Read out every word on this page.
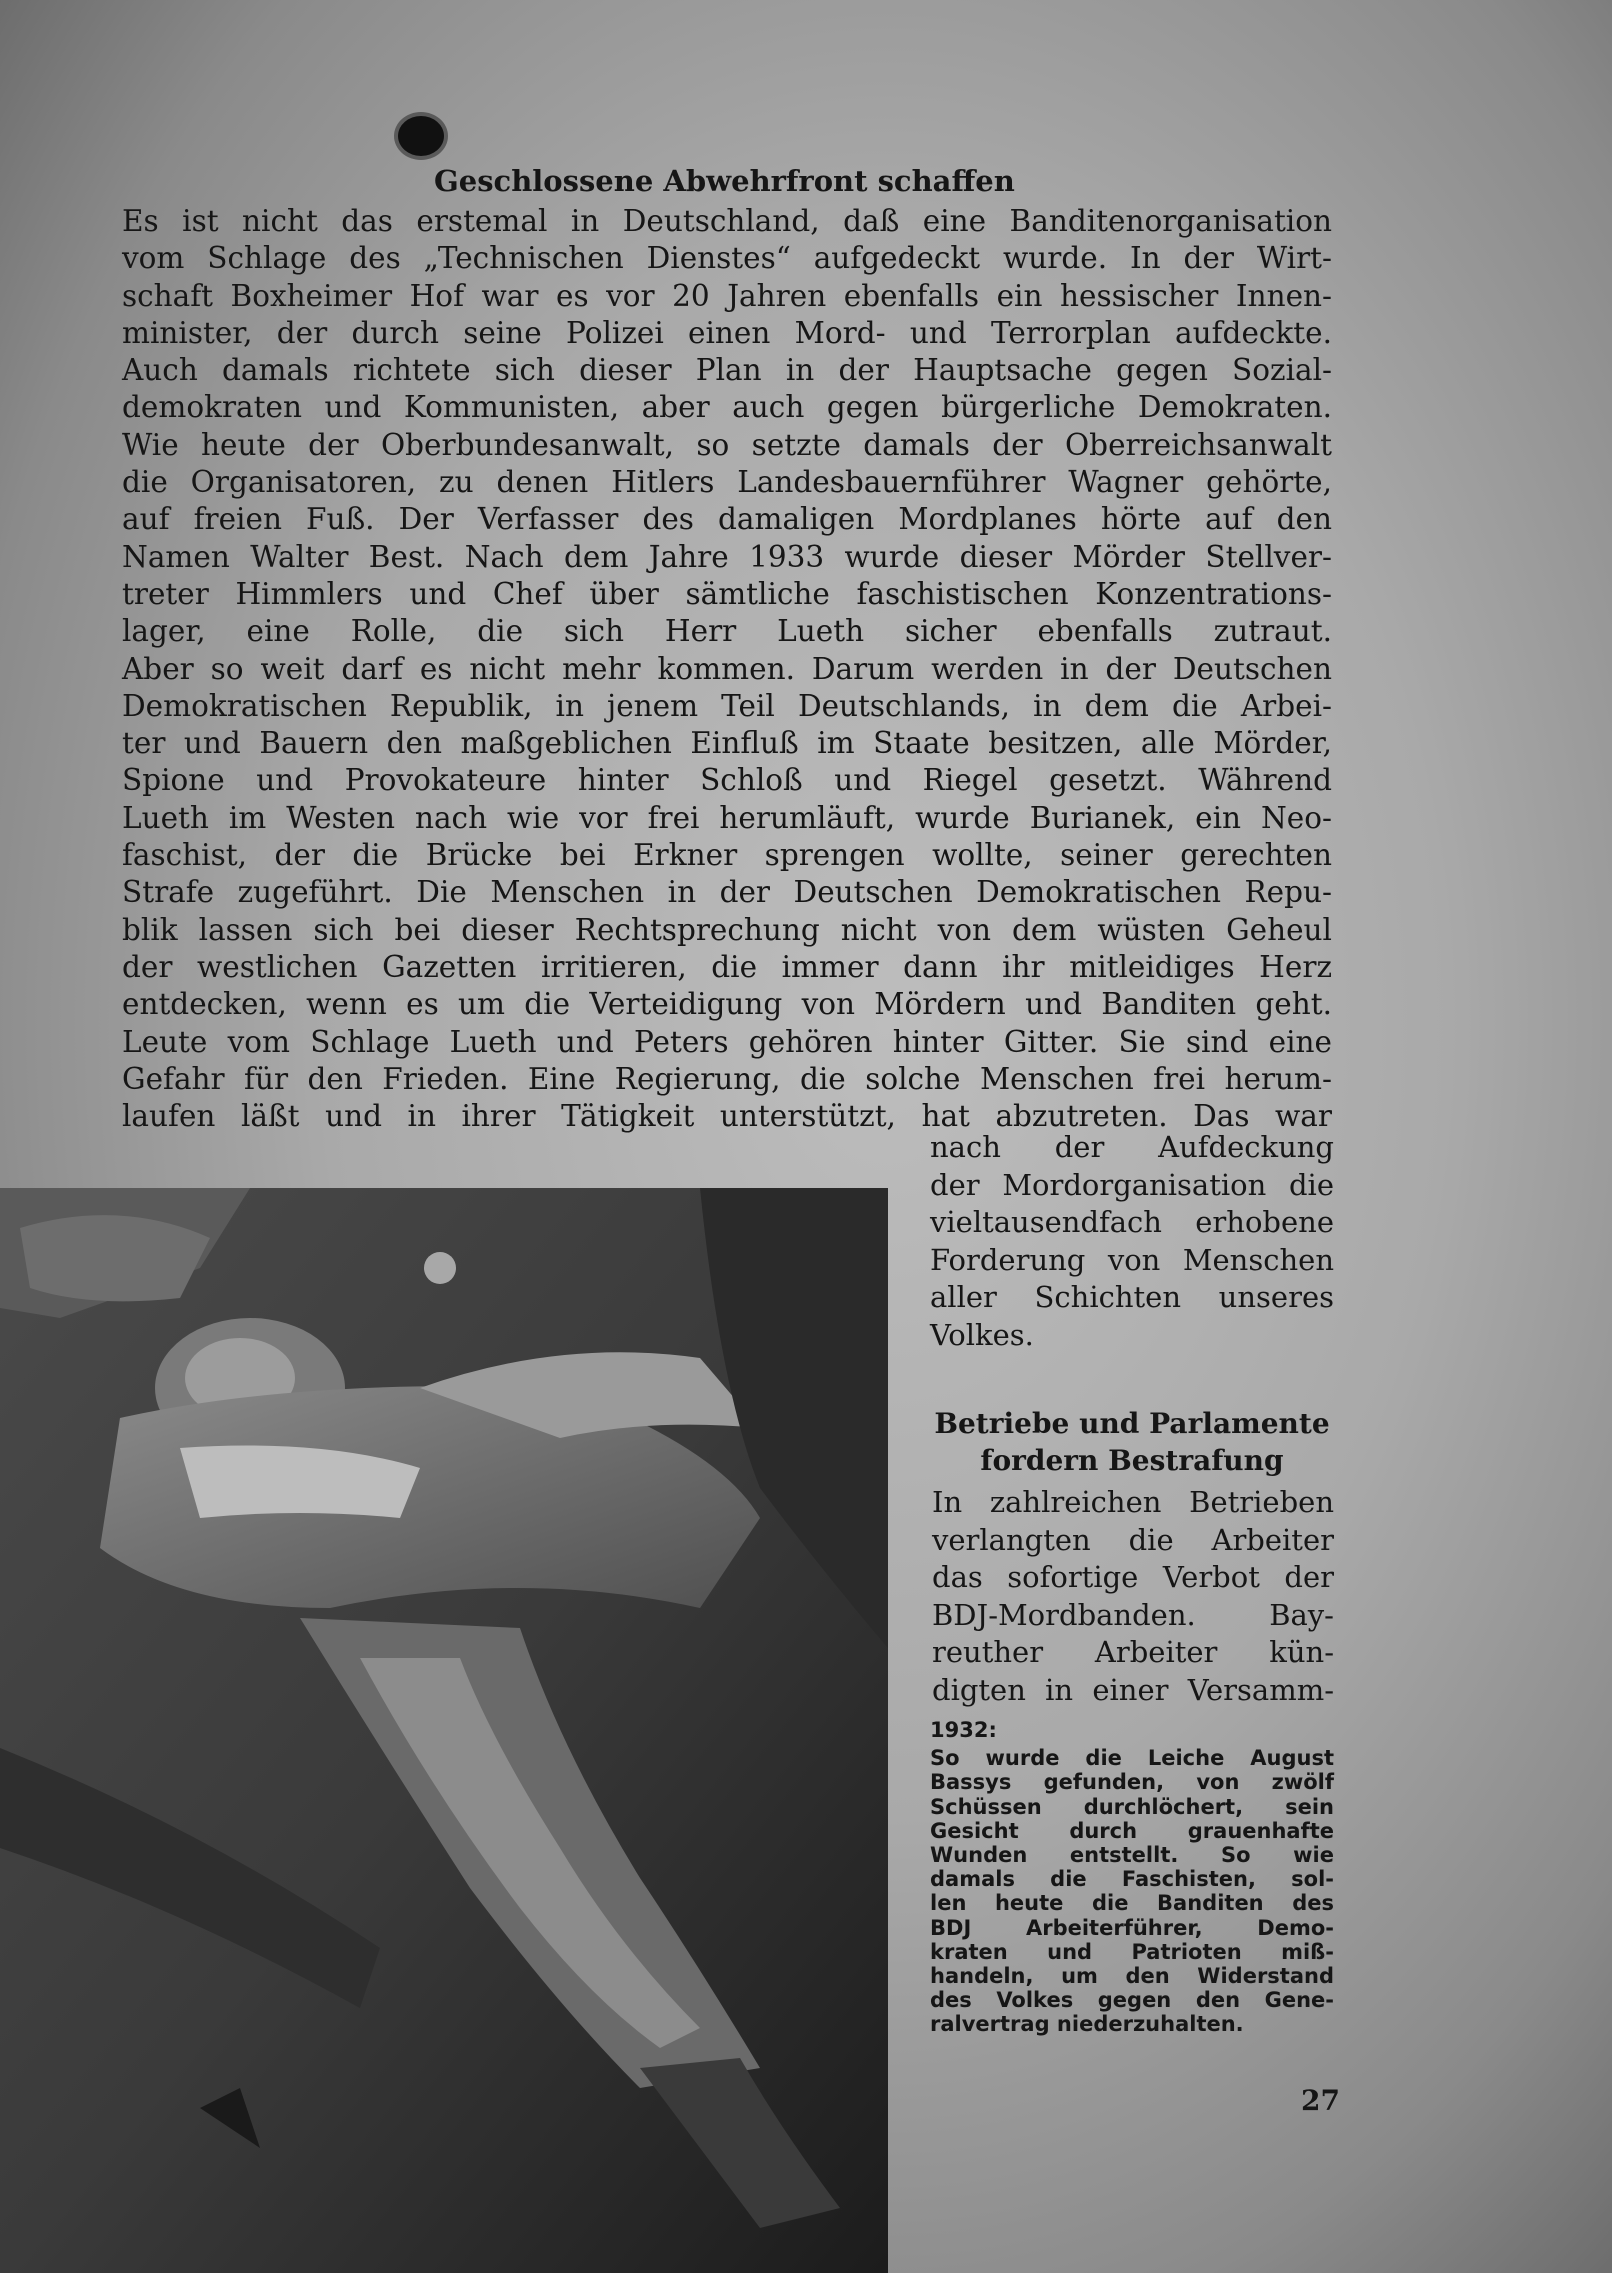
Geschlossene Abwehrfront schaffen
Es ist nicht das erstemal in Deutschland, daß eine Banditenorganisation
vom Schlage des „Technischen Dienstes“ aufgedeckt wurde. In der Wirt-
schaft Boxheimer Hof war es vor 20 Jahren ebenfalls ein hessischer Innen-
minister, der durch seine Polizei einen Mord- und Terrorplan aufdeckte.
Auch damals richtete sich dieser Plan in der Hauptsache gegen Sozial-
demokraten und Kommunisten, aber auch gegen bürgerliche Demokraten.
Wie heute der Oberbundesanwalt, so setzte damals der Oberreichsanwalt
die Organisatoren, zu denen Hitlers Landesbauernführer Wagner gehörte,
auf freien Fuß. Der Verfasser des damaligen Mordplanes hörte auf den
Namen Walter Best. Nach dem Jahre 1933 wurde dieser Mörder Stellver-
treter Himmlers und Chef über sämtliche faschistischen Konzentrations-
lager, eine Rolle, die sich Herr Lueth sicher ebenfalls zutraut.
Aber so weit darf es nicht mehr kommen. Darum werden in der Deutschen
Demokratischen Republik, in jenem Teil Deutschlands, in dem die Arbei-
ter und Bauern den maßgeblichen Einfluß im Staate besitzen, alle Mörder,
Spione und Provokateure hinter Schloß und Riegel gesetzt. Während
Lueth im Westen nach wie vor frei herumläuft, wurde Burianek, ein Neo-
faschist, der die Brücke bei Erkner sprengen wollte, seiner gerechten
Strafe zugeführt. Die Menschen in der Deutschen Demokratischen Repu-
blik lassen sich bei dieser Rechtsprechung nicht von dem wüsten Geheul
der westlichen Gazetten irritieren, die immer dann ihr mitleidiges Herz
entdecken, wenn es um die Verteidigung von Mördern und Banditen geht.
Leute vom Schlage Lueth und Peters gehören hinter Gitter. Sie sind eine
Gefahr für den Frieden. Eine Regierung, die solche Menschen frei herum-
laufen läßt und in ihrer Tätigkeit unterstützt, hat abzutreten. Das war
nach der Aufdeckung
der Mordorganisation die
vieltausendfach erhobene
Forderung von Menschen
aller Schichten unseres
Volkes.
Betriebe und Parlamente
fordern Bestrafung
In zahlreichen Betrieben
verlangten die Arbeiter
das sofortige Verbot der
BDJ-Mordbanden. Bay-
reuther Arbeiter kün-
digten in einer Versamm-
1932:
So wurde die Leiche August
Bassys gefunden, von zwölf
Schüssen durchlöchert, sein
Gesicht durch grauenhafte
Wunden entstellt. So wie
damals die Faschisten, sol-
len heute die Banditen des
BDJ Arbeiterführer, Demo-
kraten und Patrioten miß-
handeln, um den Widerstand
des Volkes gegen den Gene-
ralvertrag niederzuhalten.
27
